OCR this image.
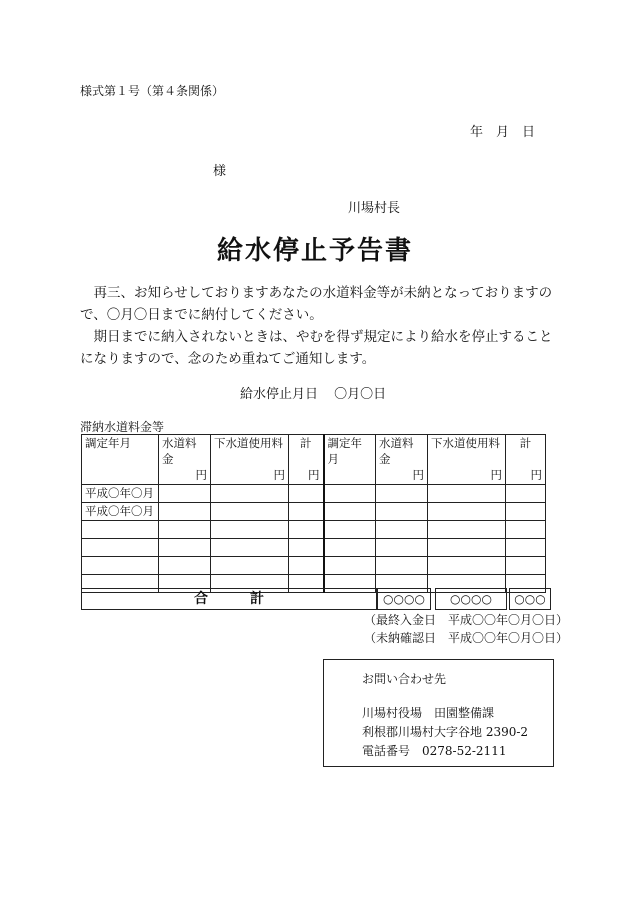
様式第１号（第４条関係）
年　月　日
様
川場村長
給水停止予告書

　再三、お知らせしておりますあなたの水道料金等が未納となっておりますので、〇月〇日までに納付してください。

　期日までに納入されないときは、やむを得ず規定により給水を停止することになりますので、念のため重ねてご通知します。

給水停止月日 〇月〇日
滞納水道料金等
調定年月	水道料金	下水道使用料	計	調定年月	水道料金	下水道使用料	計
	円	円	円		円	円	円
平成〇年〇月							
平成〇年〇月							

合　　　計	○○○○	○○○○	○○○
（最終入金日　平成〇〇年〇月〇日）
（未納確認日　平成〇〇年〇月〇日）
お問い合わせ先
川場村役場　田園整備課
利根郡川場村大字谷地 2390-2
電話番号　0278-52-2111
